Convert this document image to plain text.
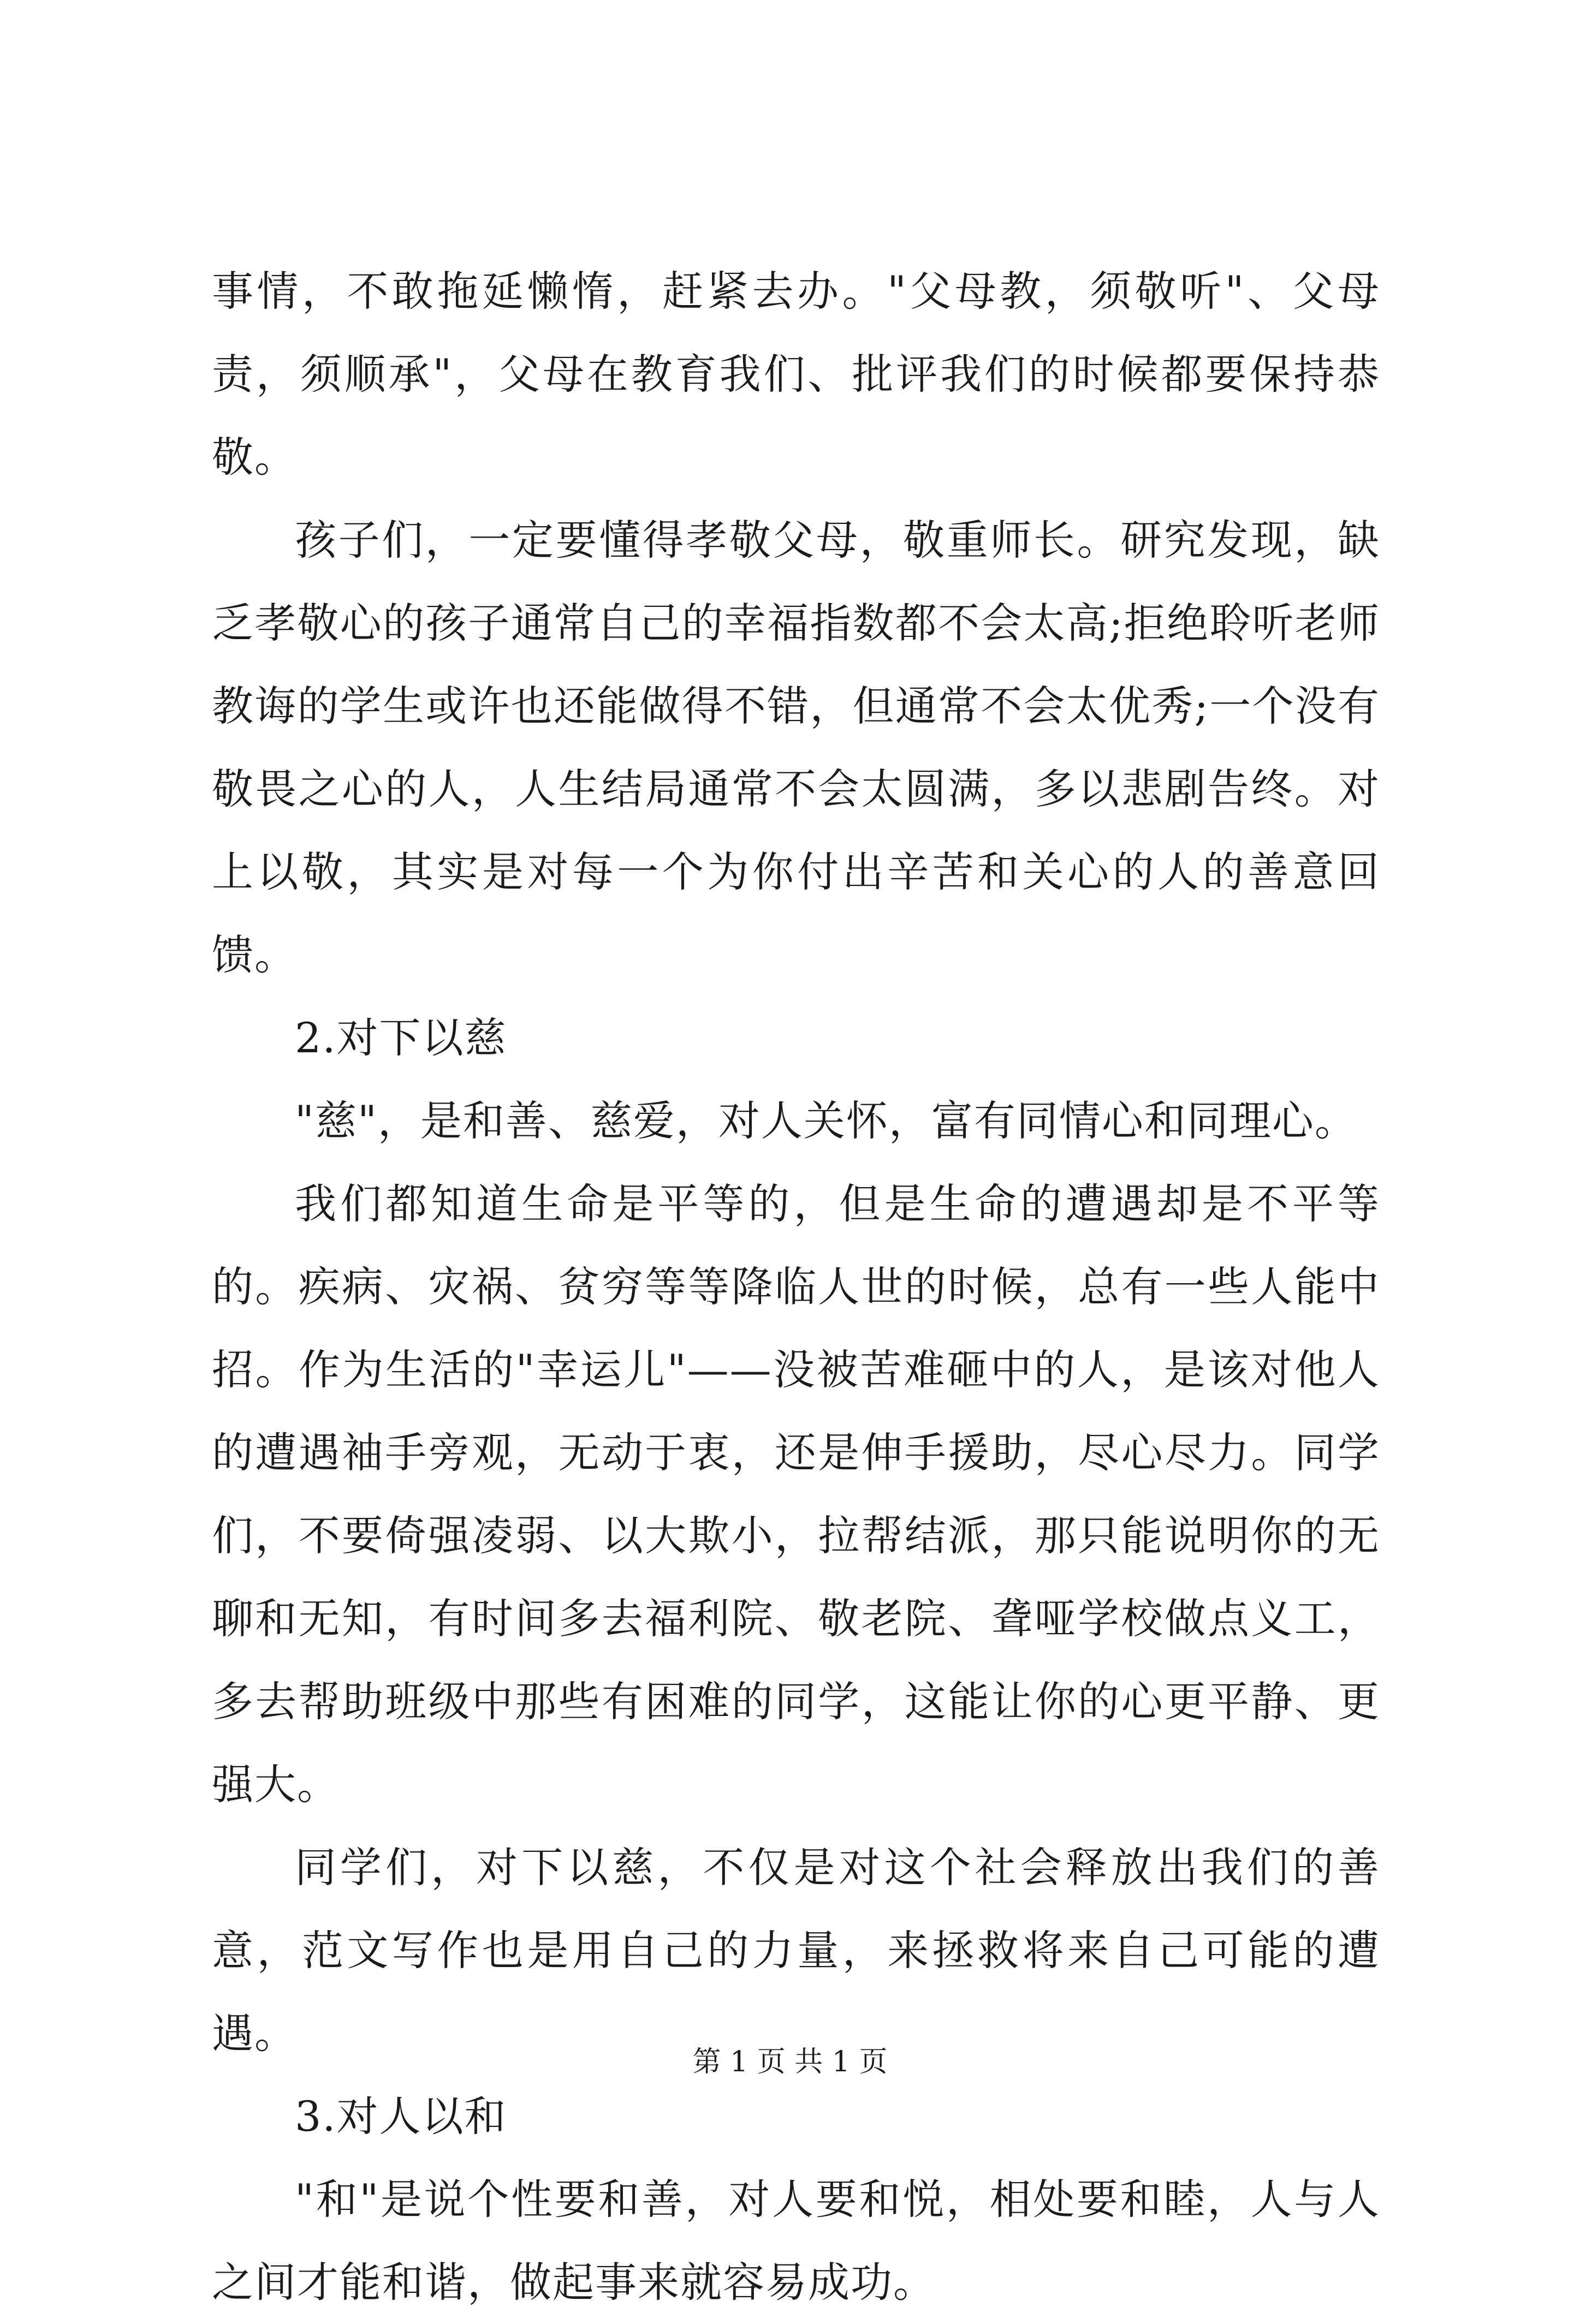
事情，不敢拖延懒惰，赶紧去办。"父母教，须敬听"、父母责，须顺承"，父母在教育我们、批评我们的时候都要保持恭敬。

孩子们，一定要懂得孝敬父母，敬重师长。研究发现，缺乏孝敬心的孩子通常自己的幸福指数都不会太高;拒绝聆听老师教诲的学生或许也还能做得不错，但通常不会太优秀;一个没有敬畏之心的人，人生结局通常不会太圆满，多以悲剧告终。对上以敬，其实是对每一个为你付出辛苦和关心的人的善意回馈。

2.对下以慈

"慈"，是和善、慈爱，对人关怀，富有同情心和同理心。

我们都知道生命是平等的，但是生命的遭遇却是不平等的。疾病、灾祸、贫穷等等降临人世的时候，总有一些人能中招。作为生活的"幸运儿"——没被苦难砸中的人，是该对他人的遭遇袖手旁观，无动于衷，还是伸手援助，尽心尽力。同学们，不要倚强凌弱、以大欺小，拉帮结派，那只能说明你的无聊和无知，有时间多去福利院、敬老院、聋哑学校做点义工，多去帮助班级中那些有困难的同学，这能让你的心更平静、更强大。

同学们，对下以慈，不仅是对这个社会释放出我们的善意，范文写作也是用自己的力量，来拯救将来自己可能的遭遇。

3.对人以和

"和"是说个性要和善，对人要和悦，相处要和睦，人与人之间才能和谐，做起事来就容易成功。

第 1 页 共 1 页
